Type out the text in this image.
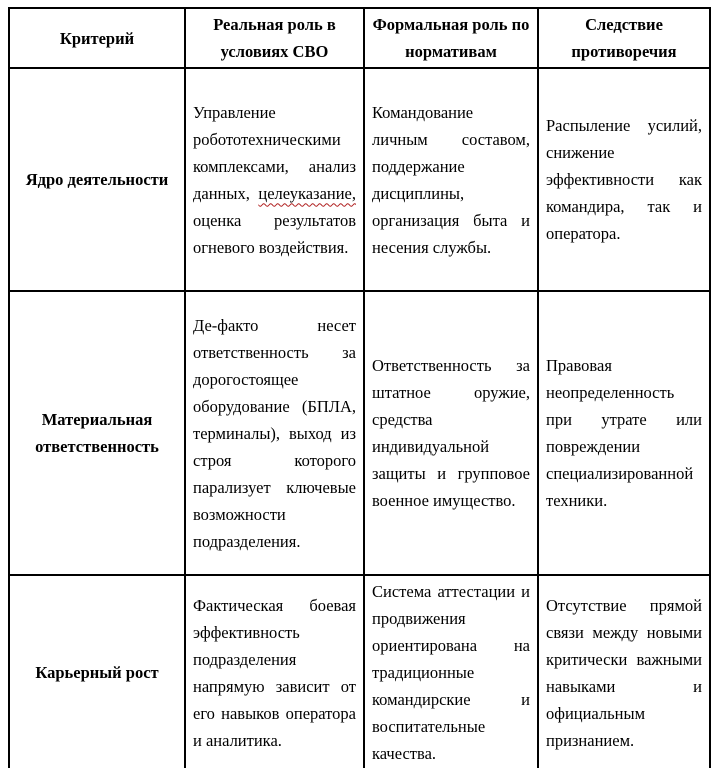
Критерий	Реальная роль в условиях СВО	Формальная роль по нормативам	Следствие противоречия
Ядро деятельности	Управление робототехническими комплексами, анализ данных, целеуказание, оценка результатов огневого воздействия.	Командование личным составом, поддержание дисциплины, организация быта и несения службы.	Распыление усилий, снижение эффективности как командира, так и оператора.
Материальная ответственность	Де-факто несет ответственность за дорогостоящее оборудование (БПЛА, терминалы), выход из строя которого парализует ключевые возможности подразделения.	Ответственность за штатное оружие, средства индивидуальной защиты и групповое военное имущество.	Правовая неопределенность при утрате или повреждении специализированной техники.
Карьерный рост	Фактическая боевая эффективность подразделения напрямую зависит от его навыков оператора и аналитика.	Система аттестации и продвижения ориентирована на традиционные командирские и воспитательные качества.	Отсутствие прямой связи между новыми критически важными навыками и официальным признанием.
